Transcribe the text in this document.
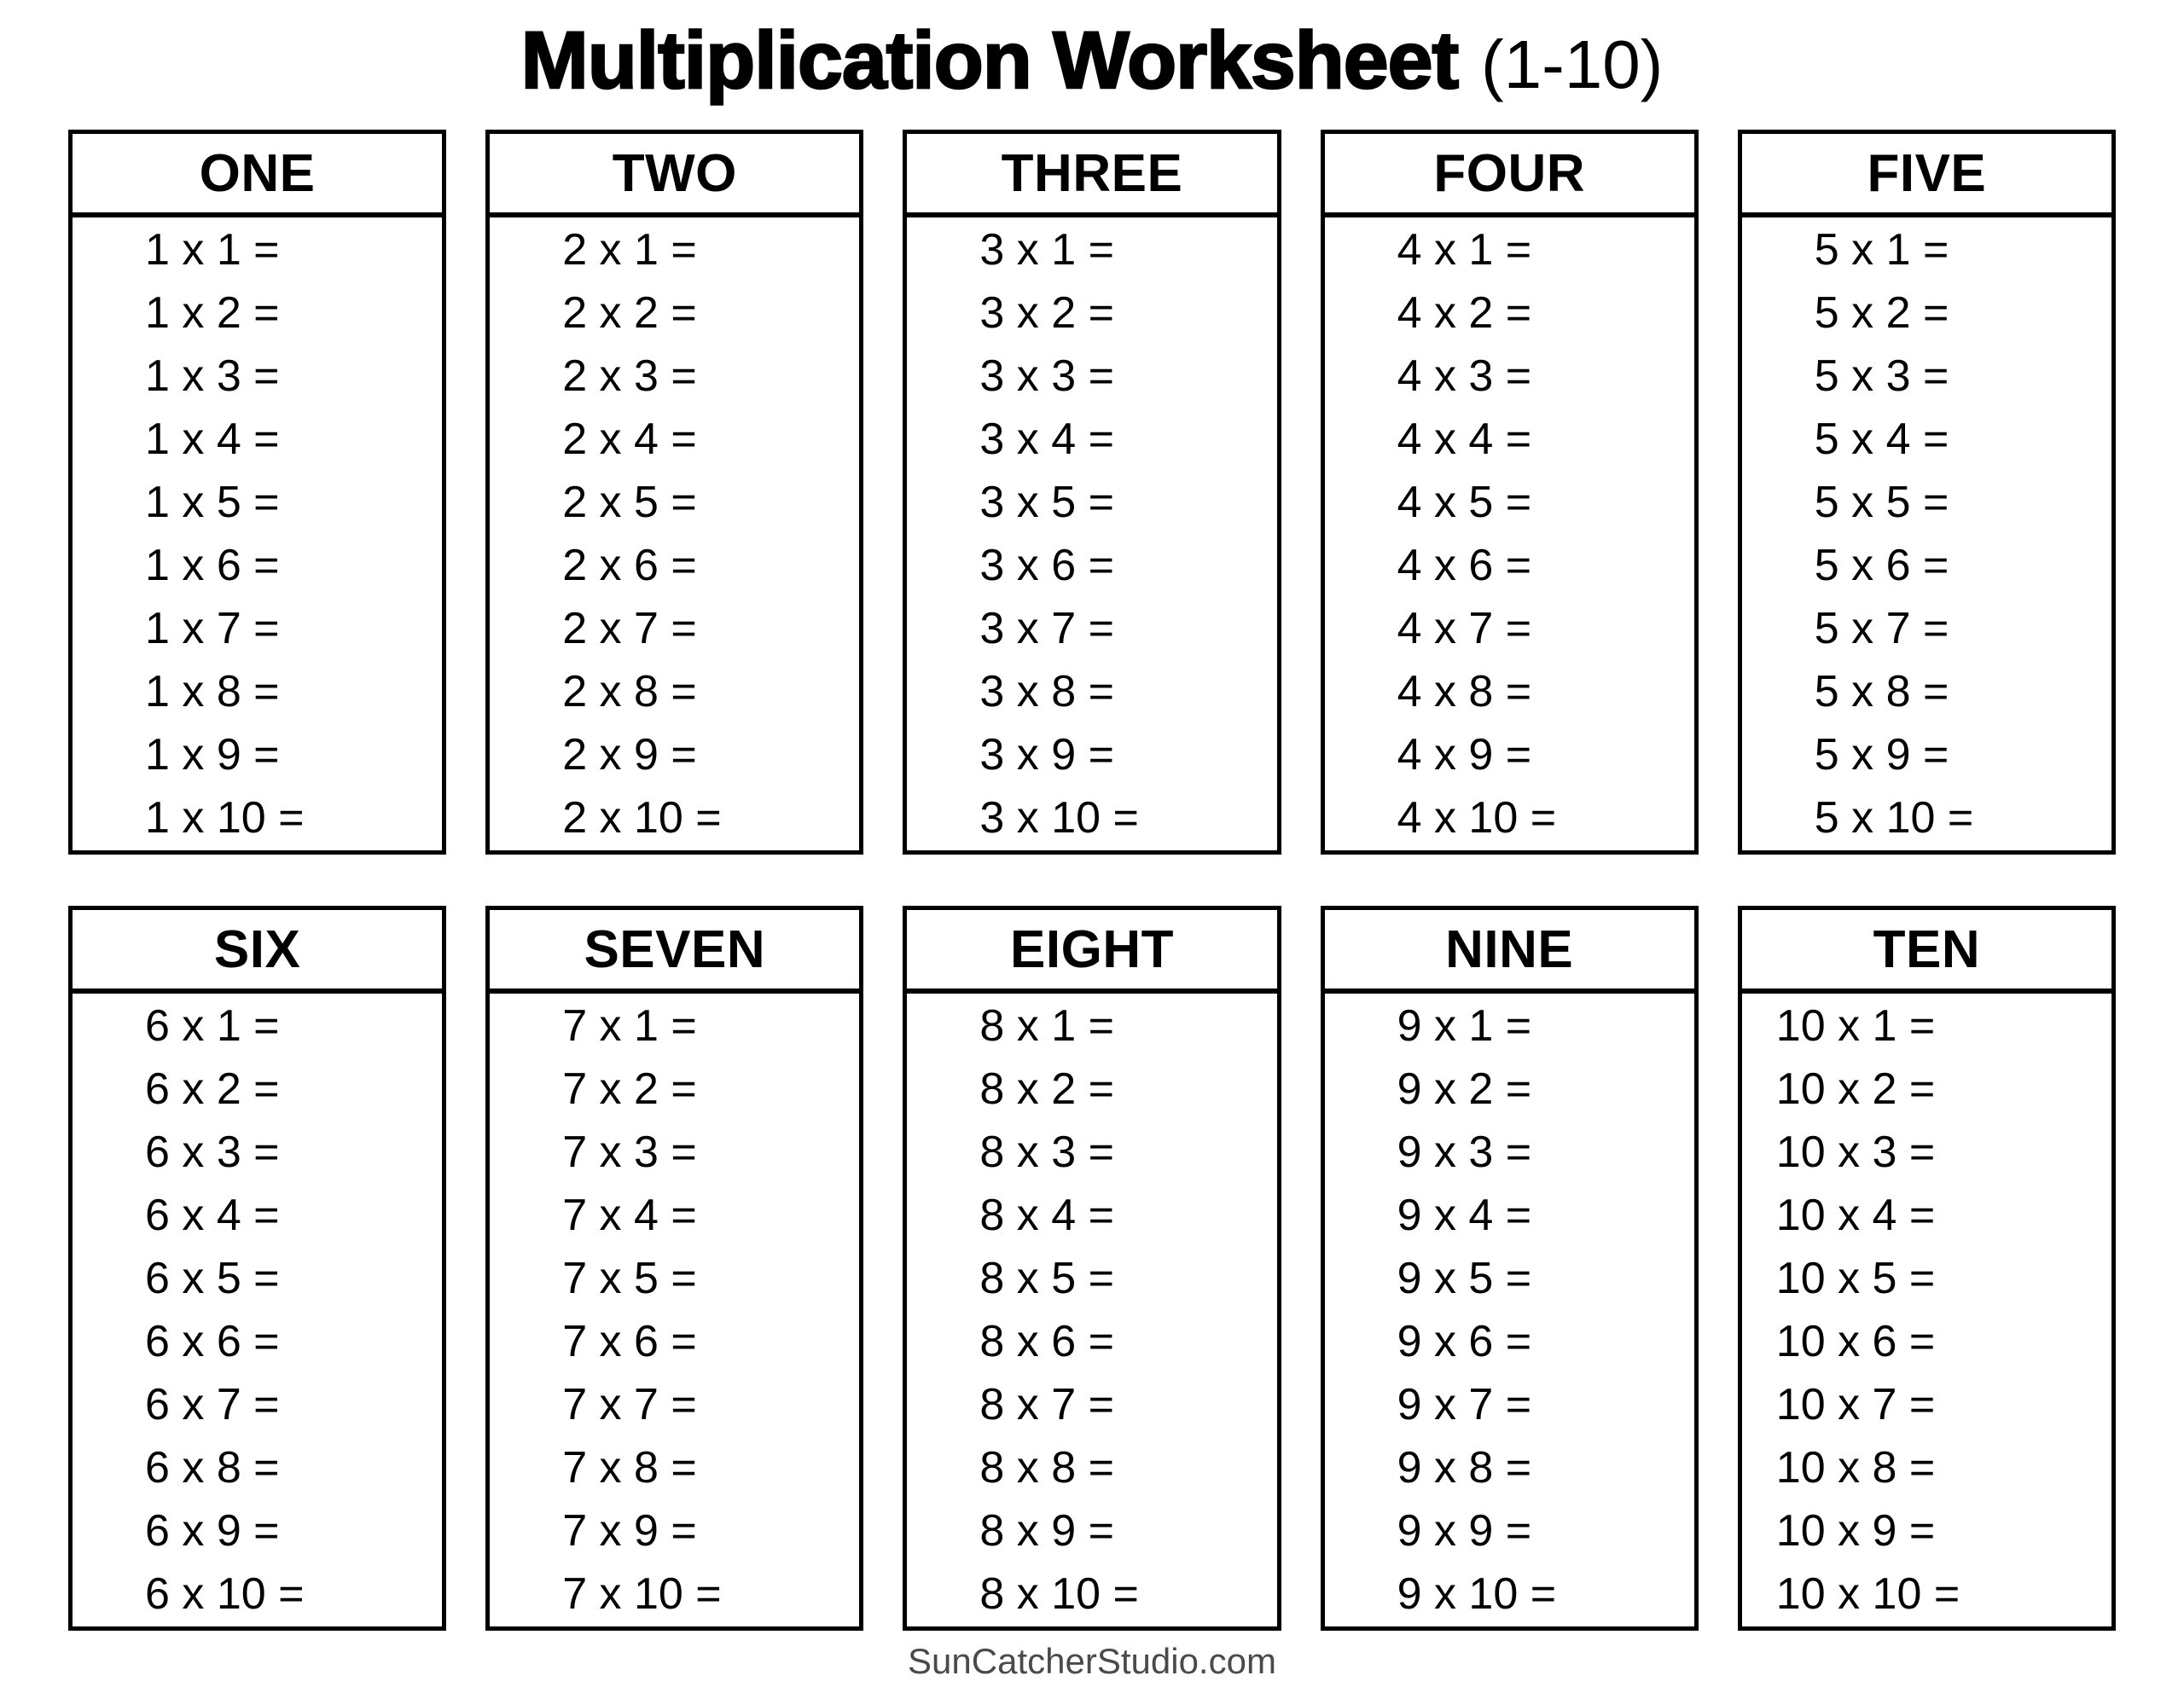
Multiplication Worksheet (1-10)
ONE
1 x 1 =
1 x 2 =
1 x 3 =
1 x 4 =
1 x 5 =
1 x 6 =
1 x 7 =
1 x 8 =
1 x 9 =
1 x 10 =
TWO
2 x 1 =
2 x 2 =
2 x 3 =
2 x 4 =
2 x 5 =
2 x 6 =
2 x 7 =
2 x 8 =
2 x 9 =
2 x 10 =
THREE
3 x 1 =
3 x 2 =
3 x 3 =
3 x 4 =
3 x 5 =
3 x 6 =
3 x 7 =
3 x 8 =
3 x 9 =
3 x 10 =
FOUR
4 x 1 =
4 x 2 =
4 x 3 =
4 x 4 =
4 x 5 =
4 x 6 =
4 x 7 =
4 x 8 =
4 x 9 =
4 x 10 =
FIVE
5 x 1 =
5 x 2 =
5 x 3 =
5 x 4 =
5 x 5 =
5 x 6 =
5 x 7 =
5 x 8 =
5 x 9 =
5 x 10 =
SIX
6 x 1 =
6 x 2 =
6 x 3 =
6 x 4 =
6 x 5 =
6 x 6 =
6 x 7 =
6 x 8 =
6 x 9 =
6 x 10 =
SEVEN
7 x 1 =
7 x 2 =
7 x 3 =
7 x 4 =
7 x 5 =
7 x 6 =
7 x 7 =
7 x 8 =
7 x 9 =
7 x 10 =
EIGHT
8 x 1 =
8 x 2 =
8 x 3 =
8 x 4 =
8 x 5 =
8 x 6 =
8 x 7 =
8 x 8 =
8 x 9 =
8 x 10 =
NINE
9 x 1 =
9 x 2 =
9 x 3 =
9 x 4 =
9 x 5 =
9 x 6 =
9 x 7 =
9 x 8 =
9 x 9 =
9 x 10 =
TEN
10 x 1 =
10 x 2 =
10 x 3 =
10 x 4 =
10 x 5 =
10 x 6 =
10 x 7 =
10 x 8 =
10 x 9 =
10 x 10 =
SunCatcherStudio.com
